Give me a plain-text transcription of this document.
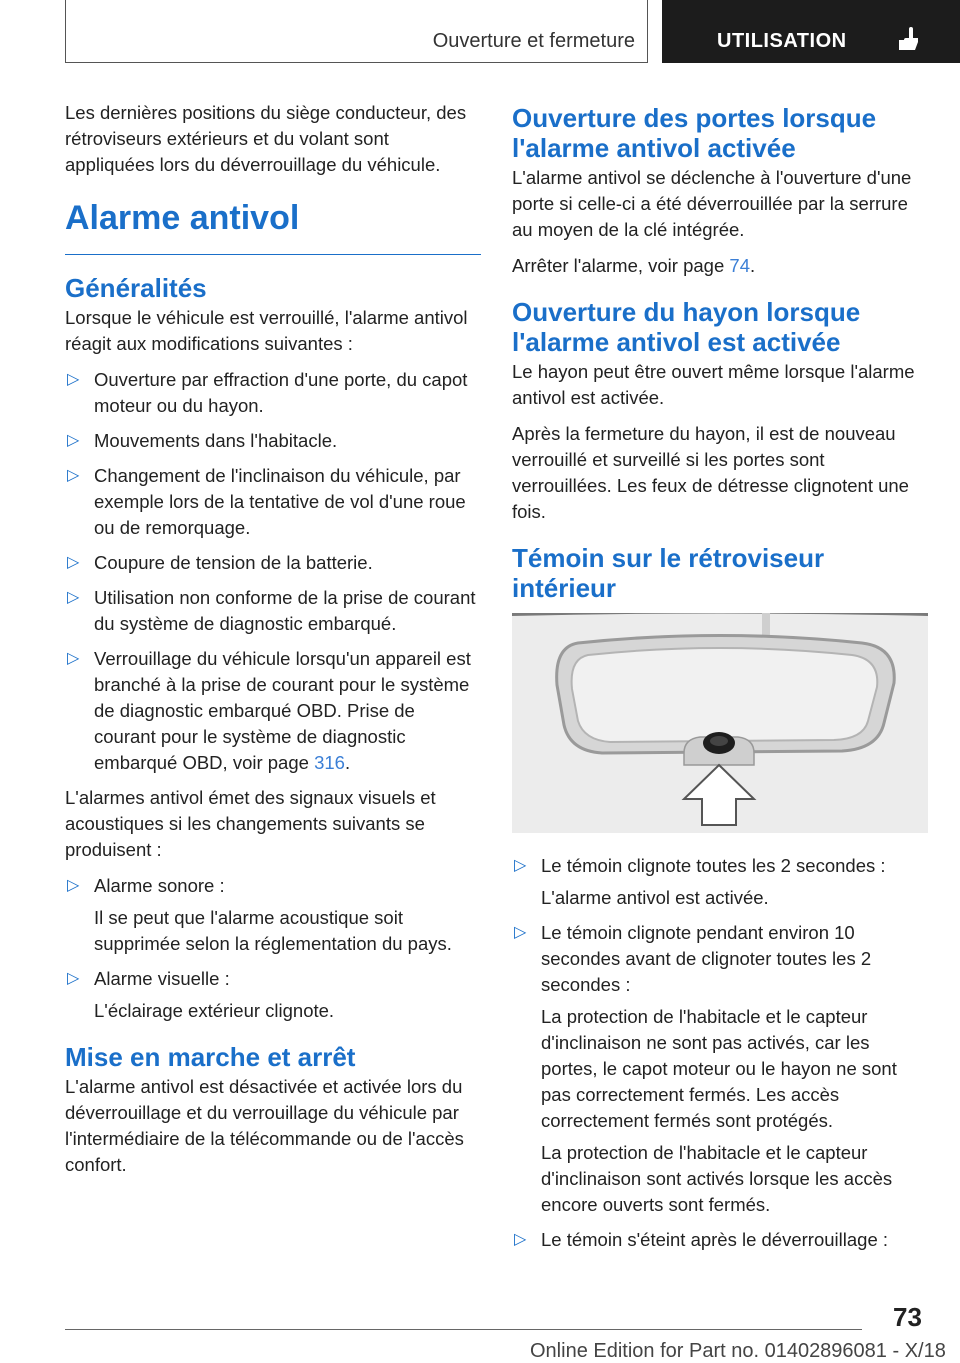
Ouverture et fermeture	UTILISATION

Les dernières positions du siège conducteur, des rétroviseurs extérieurs et du volant sont appliquées lors du déverrouillage du véhicule.

Alarme antivol
Généralités

Lorsque le véhicule est verrouillé, l'alarme antivol réagit aux modifications suivantes :

▷ Ouverture par effraction d'une porte, du capot moteur ou du hayon.
▷ Mouvements dans l'habitacle.
▷ Changement de l'inclinaison du véhicule, par exemple lors de la tentative de vol d'une roue ou de remorquage.
▷ Coupure de tension de la batterie.
▷ Utilisation non conforme de la prise de courant du système de diagnostic embarqué.
▷ Verrouillage du véhicule lorsqu'un appareil est branché à la prise de courant pour le système de diagnostic embarqué OBD. Prise de courant pour le système de diagnostic embarqué OBD, voir page 316.

L'alarmes antivol émet des signaux visuels et acoustiques si les changements suivants se produisent :

▷ Alarme sonore :

Il se peut que l'alarme acoustique soit supprimée selon la réglementation du pays.

▷ Alarme visuelle :

L'éclairage extérieur clignote.

Mise en marche et arrêt

L'alarme antivol est désactivée et activée lors du déverrouillage et du verrouillage du véhicule par l'intermédiaire de la télécommande ou de l'accès confort.

Ouverture des portes lorsque l'alarme antivol activée

L'alarme antivol se déclenche à l'ouverture d'une porte si celle-ci a été déverrouillée par la serrure au moyen de la clé intégrée.

Arrêter l'alarme, voir page 74.

Ouverture du hayon lorsque l'alarme antivol est activée

Le hayon peut être ouvert même lorsque l'alarme antivol est activée.

Après la fermeture du hayon, il est de nouveau verrouillé et surveillé si les portes sont verrouillées. Les feux de détresse clignotent une fois.

Témoin sur le rétroviseur intérieur
▷ Le témoin clignote toutes les 2 secondes :

L'alarme antivol est activée.

▷ Le témoin clignote pendant environ 10 secondes avant de clignoter toutes les 2 secondes :

La protection de l'habitacle et le capteur d'inclinaison ne sont pas activés, car les portes, le capot moteur ou le hayon ne sont pas correctement fermés. Les accès correctement fermés sont protégés.

La protection de l'habitacle et le capteur d'inclinaison sont activés lorsque les accès encore ouverts sont fermés.

▷ Le témoin s'éteint après le déverrouillage :
73
Online Edition for Part no. 01402896081 - X/18
